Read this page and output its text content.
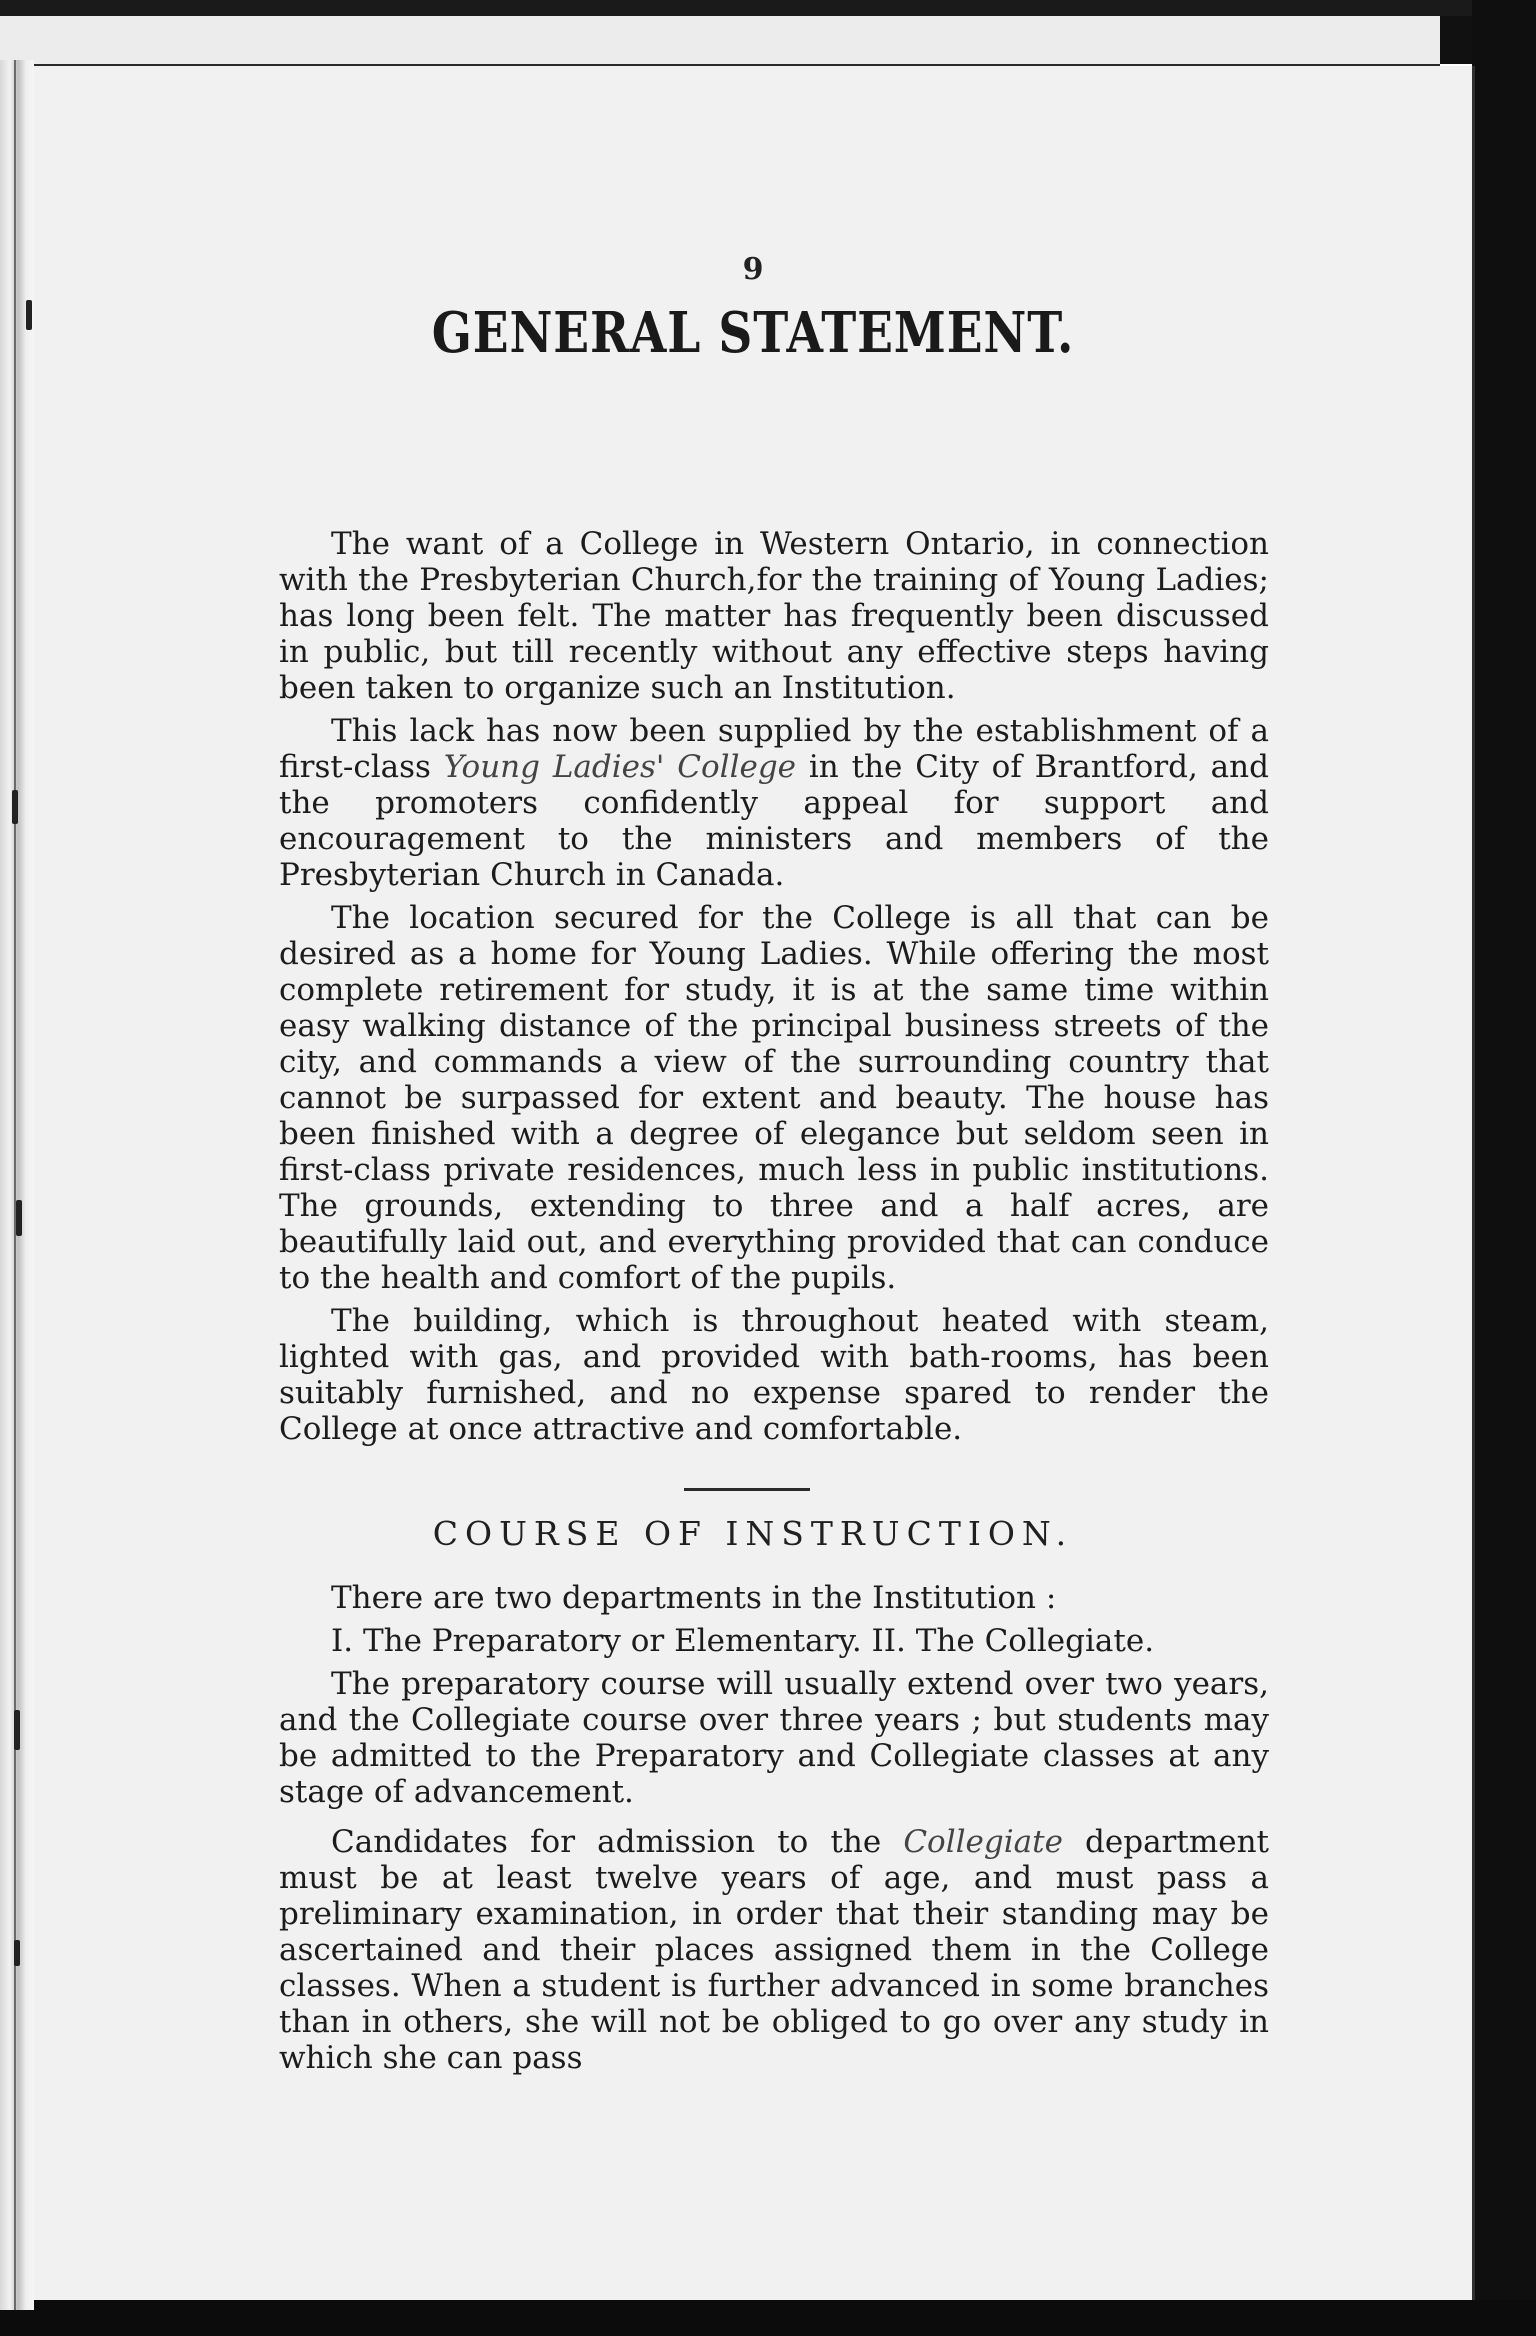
9
GENERAL STATEMENT.

The want of a College in Western Ontario, in connection with the Presbyterian Church,for the training of Young Ladies; has long been felt. The matter has frequently been discussed in public, but till recently without any effective steps having been taken to organize such an Institution.

This lack has now been supplied by the establishment of a first-class Young Ladies' College in the City of Brantford, and the promoters confidently appeal for support and encouragement to the ministers and members of the Presbyterian Church in Canada.

The location secured for the College is all that can be desired as a home for Young Ladies. While offering the most complete retirement for study, it is at the same time within easy walking distance of the principal business streets of the city, and commands a view of the surrounding country that cannot be surpassed for extent and beauty. The house has been finished with a degree of elegance but seldom seen in first-class private residences, much less in public institutions. The grounds, extending to three and a half acres, are beautifully laid out, and everything provided that can conduce to the health and comfort of the pupils.

The building, which is throughout heated with steam, lighted with gas, and provided with bath-rooms, has been suitably furnished, and no expense spared to render the College at once attractive and comfortable.

COURSE OF INSTRUCTION.

There are two departments in the Institution :

I. The Preparatory or Elementary. II. The Collegiate.

The preparatory course will usually extend over two years, and the Collegiate course over three years ; but students may be admitted to the Preparatory and Collegiate classes at any stage of advancement.

Candidates for admission to the Collegiate department must be at least twelve years of age, and must pass a preliminary examination, in order that their standing may be ascertained and their places assigned them in the College classes. When a student is further advanced in some branches than in others, she will not be obliged to go over any study in which she can pass
